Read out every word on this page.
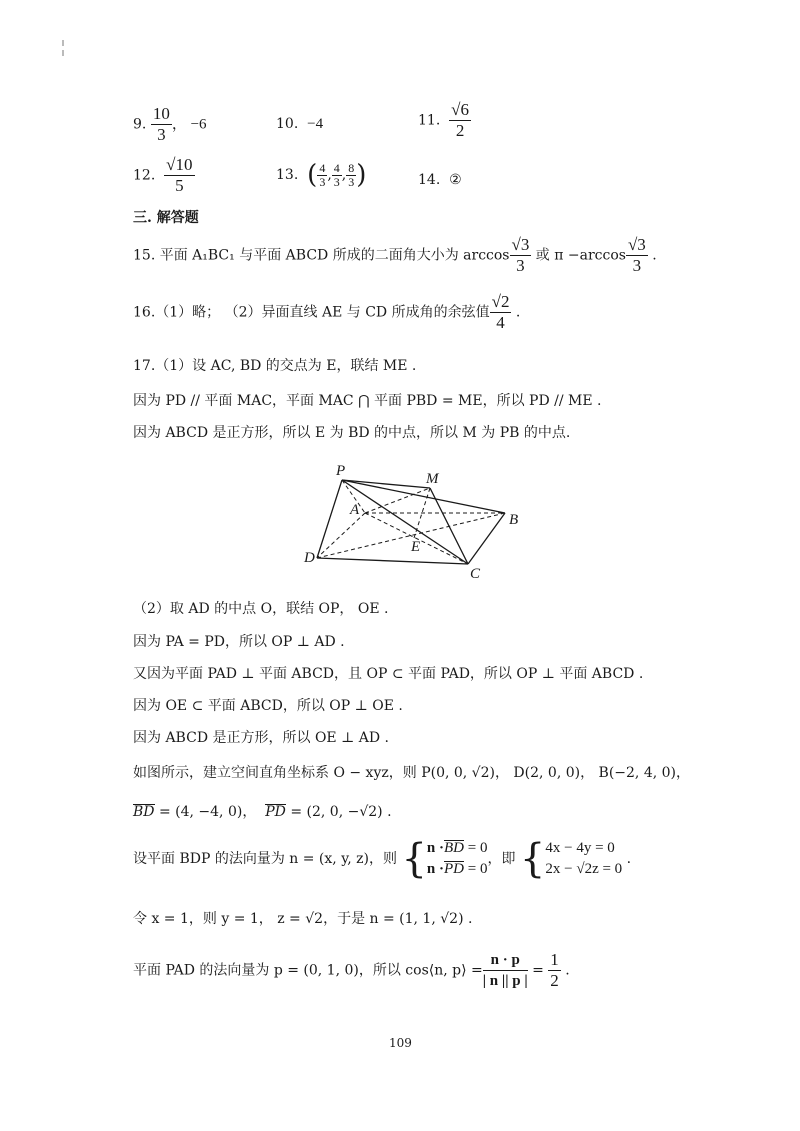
9. $\frac{10}{3}$ ， −6	10. −4	11. $\frac{√6}{2}$
12. $\frac{√10}{5}$	13. ( $\frac{4}{3}$ , $\frac{4}{3}$ , $\frac{8}{3}$ )	14. ②
三. 解答题
15. 平面 A₁BC₁ 与平面 ABCD 所成的二面角大小为 $\arccos \frac{√3}{3}$ 或 $\pi -\arccos \frac{√3}{3}$ .
16.（1）略； （2）异面直线 AE 与 CD 所成角的余弦值 $\frac{√2}{4}$ .
17.（1）设 AC, BD 的交点为 E，联结 ME .
因为 PD // 平面 MAC，平面 MAC ⋂ 平面 PBD = ME，所以 PD // ME .
因为 ABCD 是正方形，所以 E 为 BD 的中点，所以 M 为 PB 的中点.
P	M
A
B
D
E
C
（2）取 AD 的中点 O，联结 OP， OE .
因为 PA = PD，所以 OP ⊥ AD .
又因为平面 PAD ⊥ 平面 ABCD，且 OP ⊂ 平面 PAD，所以 OP ⊥ 平面 ABCD .
因为 OE ⊂ 平面 ABCD，所以 OP ⊥ OE .
因为 ABCD 是正方形，所以 OE ⊥ AD .
如图所示，建立空间直角坐标系 O − xyz，则 P(0, 0, √2)， D(2, 0, 0)， B(−2, 4, 0)，
BD = (4, −4, 0)， PD = (2, 0, −√2) .
设平面 BDP 的法向量为 n = (x, y, z)，则 { n ·BD = 0
n ·PD = 0
，即 { 4x − 4y = 0
2x − √2z = 0
.
令 x = 1，则 y = 1， z = √2，于是 n = (1, 1, √2) .
平面 PAD 的法向量为 p = (0, 1, 0)，所以 cos⟨n, p⟩ = $\frac{n \cdot p}{| n || p |} = \frac{1}{2}$ .
109
